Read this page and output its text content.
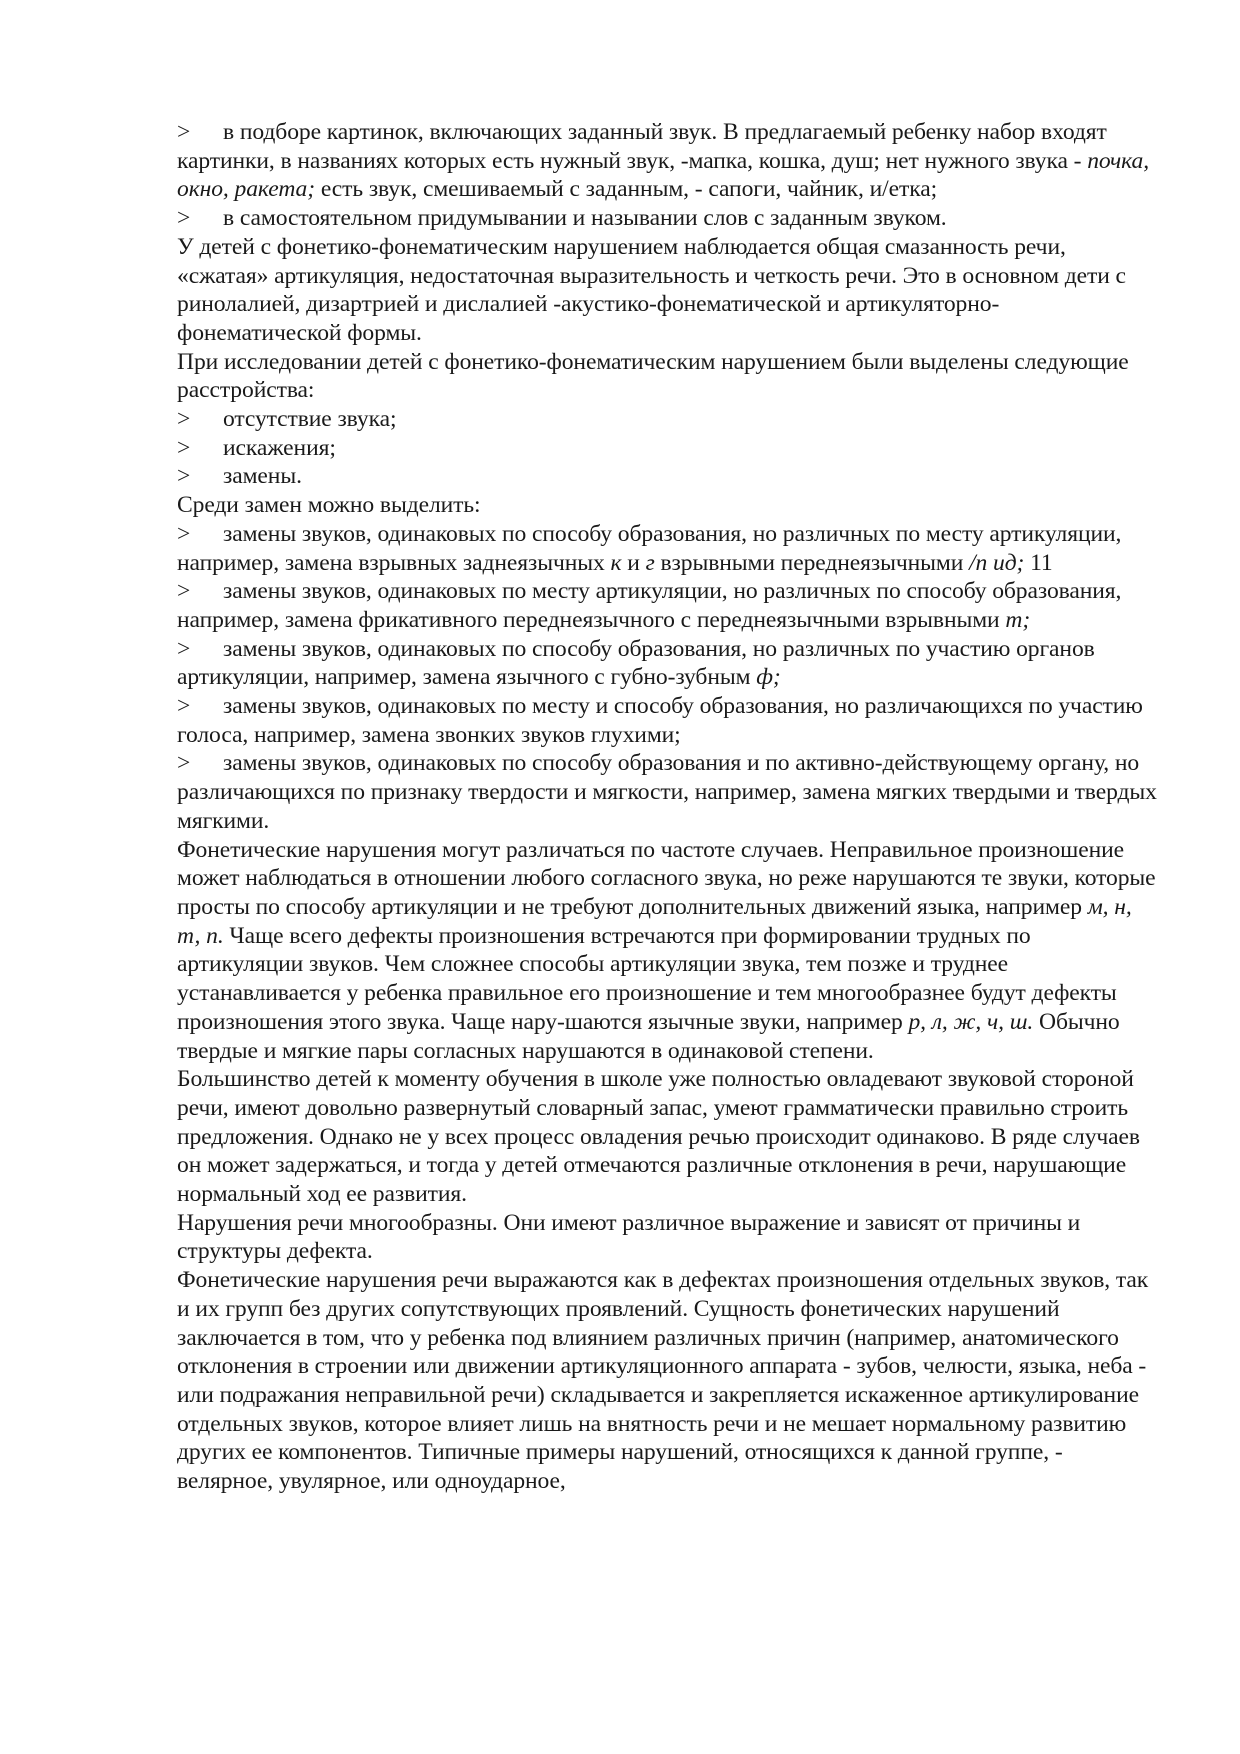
> в подборе картинок, включающих заданный звук. В предлагаемый ребенку набор входят картинки, в названиях которых есть нужный звук, -мапка, кошка, душ; нет нужного звука - почка, окно, ракета; есть звук, смешиваемый с заданным, - сапоги, чайник, и/етка;
> в самостоятельном придумывании и назывании слов с заданным звуком.
У детей с фонетико-фонематическим нарушением наблюдается общая смазанность речи, «сжатая» артикуляция, недостаточная выразительность и четкость речи. Это в основном дети с ринолалией, дизартрией и дислалией -акустико-фонематической и артикуляторно-фонематической формы.
При исследовании детей с фонетико-фонематическим нарушением были выделены следующие расстройства:
> отсутствие звука;
> искажения;
> замены.
Среди замен можно выделить:
> замены звуков, одинаковых по способу образования, но различных по месту артикуляции, например, замена взрывных заднеязычных к и г взрывными переднеязычными /п ид; 11
> замены звуков, одинаковых по месту артикуляции, но различных по способу образования, например, замена фрикативного переднеязычного с переднеязычными взрывными т;
> замены звуков, одинаковых по способу образования, но различных по участию органов артикуляции, например, замена язычного с губно-зубным ф;
> замены звуков, одинаковых по месту и способу образования, но различающихся по участию голоса, например, замена звонких звуков глухими;
> замены звуков, одинаковых по способу образования и по активно-действующему органу, но различающихся по признаку твердости и мягкости, например, замена мягких твердыми и твердых мягкими.
Фонетические нарушения могут различаться по частоте случаев. Неправильное произношение может наблюдаться в отношении любого согласного звука, но реже нарушаются те звуки, которые просты по способу артикуляции и не требуют дополнительных движений языка, например м, н, т, п. Чаще всего дефекты произношения встречаются при формировании трудных по артикуляции звуков. Чем сложнее способы артикуляции звука, тем позже и труднее устанавливается у ребенка правильное его произношение и тем многообразнее будут дефекты произношения этого звука. Чаще нару-шаются язычные звуки, например р, л, ж, ч, ш. Обычно твердые и мягкие пары согласных нарушаются в одинаковой степени.
Большинство детей к моменту обучения в школе уже полностью овладевают звуковой стороной речи, имеют довольно развернутый словарный запас, умеют грамматически правильно строить предложения. Однако не у всех процесс овладения речью происходит одинаково. В ряде случаев он может задержаться, и тогда у детей отмечаются различные отклонения в речи, нарушающие нормальный ход ее развития.
Нарушения речи многообразны. Они имеют различное выражение и зависят от причины и структуры дефекта.
Фонетические нарушения речи выражаются как в дефектах произношения отдельных звуков, так и их групп без других сопутствующих проявлений. Сущность фонетических нарушений заключается в том, что у ребенка под влиянием различных причин (например, анатомического отклонения в строении или движении артикуляционного аппарата - зубов, челюсти, языка, неба - или подражания неправильной речи) складывается и закрепляется искаженное артикулирование отдельных звуков, которое влияет лишь на внятность речи и не мешает нормальному развитию других ее компонентов. Типичные примеры нарушений, относящихся к данной группе, - велярное, увулярное, или одноударное,
